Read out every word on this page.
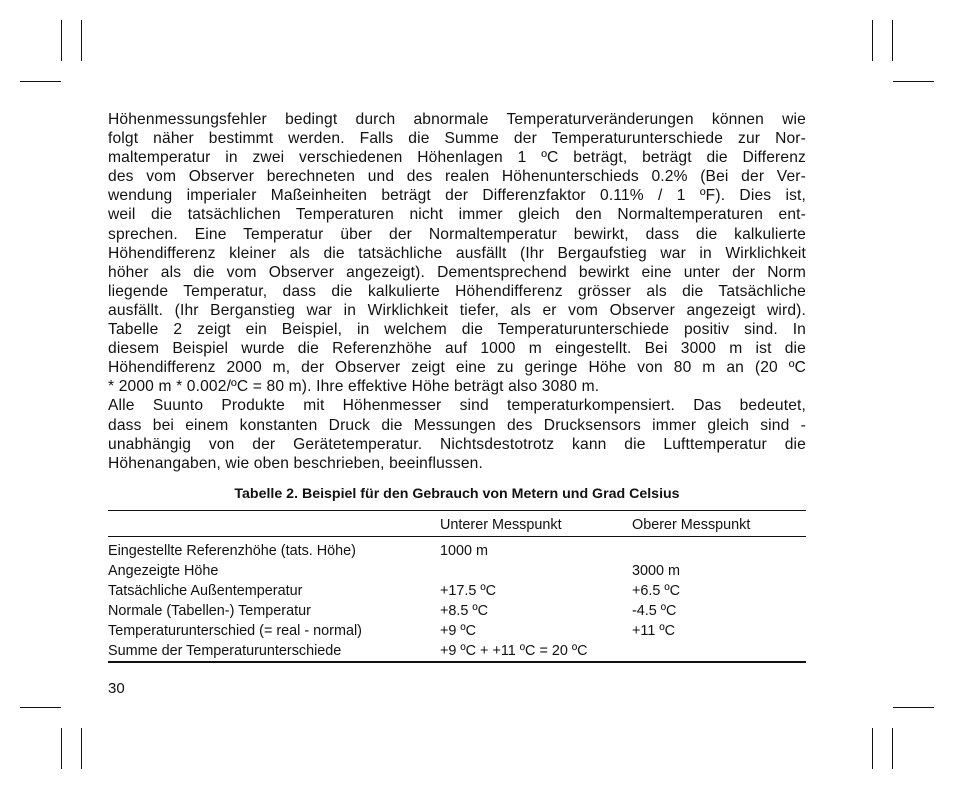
Höhenmessungsfehler bedingt durch abnormale Temperaturveränderungen können wie
folgt näher bestimmt werden. Falls die Summe der Temperaturunterschiede zur Nor-
maltemperatur in zwei verschiedenen Höhenlagen 1 ºC beträgt, beträgt die Differenz
des vom Observer berechneten und des realen Höhenunterschieds 0.2% (Bei der Ver-
wendung imperialer Maßeinheiten beträgt der Differenzfaktor 0.11% / 1 ºF). Dies ist,
weil die tatsächlichen Temperaturen nicht immer gleich den Normaltemperaturen ent-
sprechen. Eine Temperatur über der Normaltemperatur bewirkt, dass die kalkulierte
Höhendifferenz kleiner als die tatsächliche ausfällt (Ihr Bergaufstieg war in Wirklichkeit
höher als die vom Observer angezeigt). Dementsprechend bewirkt eine unter der Norm
liegende Temperatur, dass die kalkulierte Höhendifferenz grösser als die Tatsächliche
ausfällt. (Ihr Berganstieg war in Wirklichkeit tiefer, als er vom Observer angezeigt wird).
Tabelle 2 zeigt ein Beispiel, in welchem die Temperaturunterschiede positiv sind. In
diesem Beispiel wurde die Referenzhöhe auf 1000 m eingestellt. Bei 3000 m ist die
Höhendifferenz 2000 m, der Observer zeigt eine zu geringe Höhe von 80 m an (20 ºC
* 2000 m * 0.002/ºC = 80 m). Ihre effektive Höhe beträgt also 3080 m.

Alle Suunto Produkte mit Höhenmesser sind temperaturkompensiert. Das bedeutet,
dass bei einem konstanten Druck die Messungen des Drucksensors immer gleich sind -
unabhängig von der Gerätetemperatur. Nichtsdestotrotz kann die Lufttemperatur die
Höhenangaben, wie oben beschrieben, beeinflussen.

Tabelle 2. Beispiel für den Gebrauch von Metern und Grad Celsius
	Unterer Messpunkt	Oberer Messpunkt
Eingestellte Referenzhöhe (tats. Höhe)	1000 m	
Angezeigte Höhe		3000 m
Tatsächliche Außentemperatur	+17.5 ºC	+6.5 ºC
Normale (Tabellen-) Temperatur	+8.5 ºC	-4.5 ºC
Temperaturunterschied (= real - normal)	+9 ºC	+11 ºC
Summe der Temperaturunterschiede	+9 ºC + +11 ºC = 20 ºC	
30
